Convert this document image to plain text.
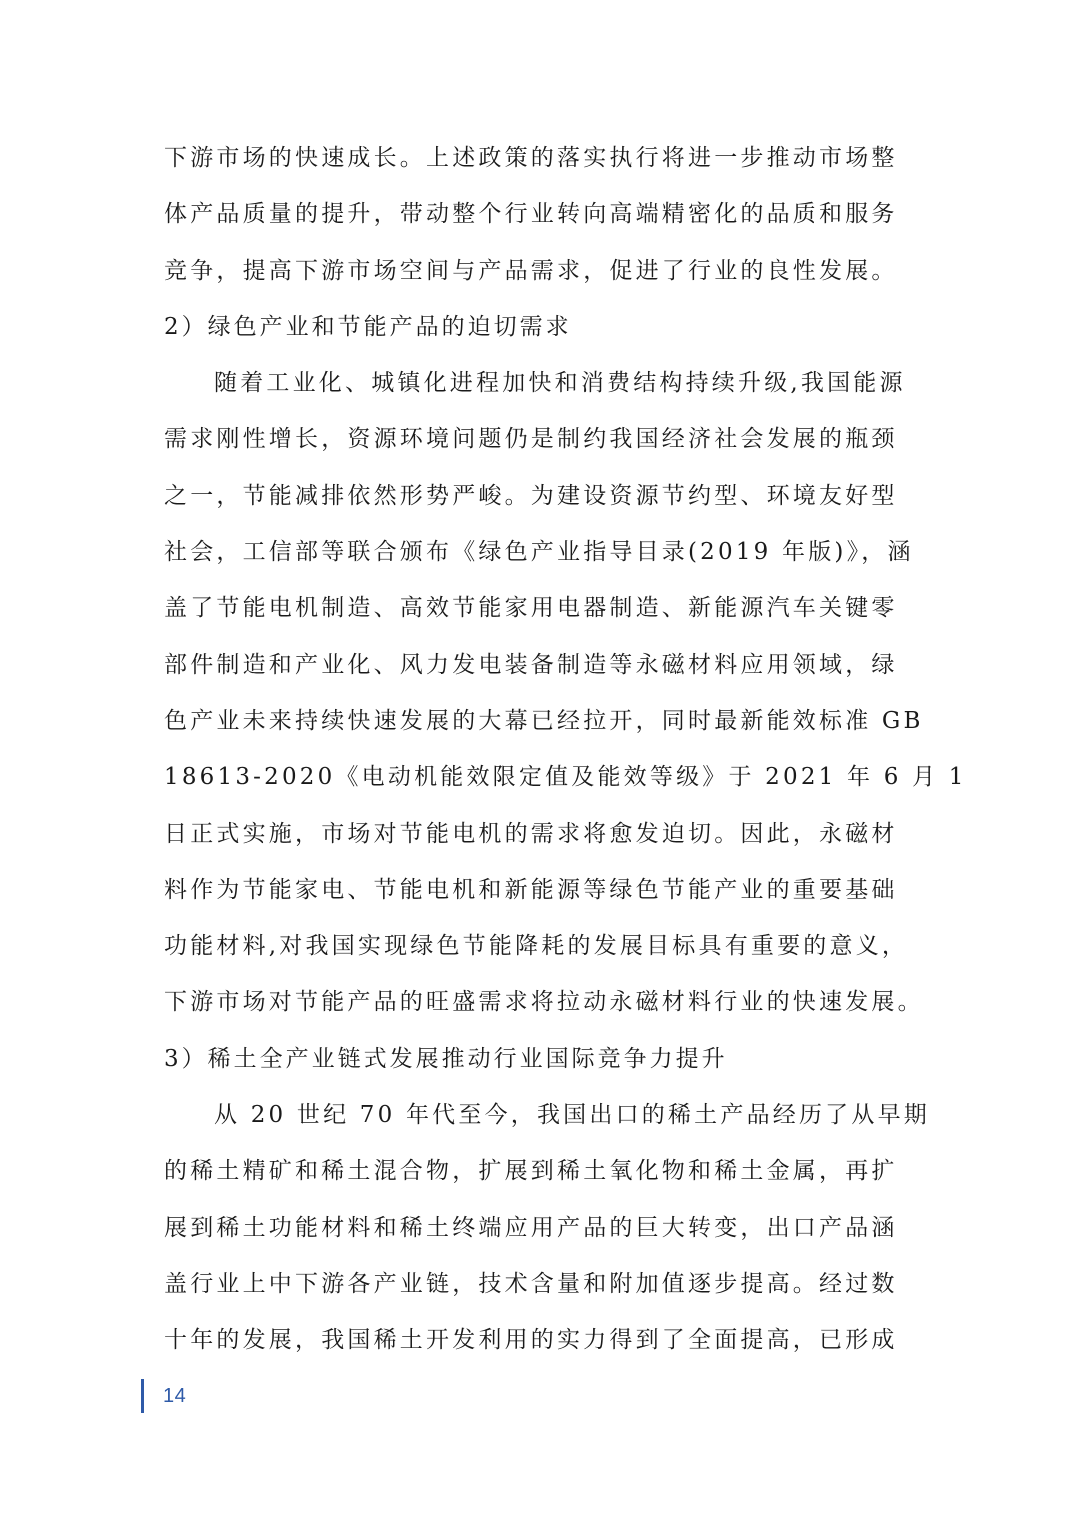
下游市场的快速成长。上述政策的落实执行将进一步推动市场整
体产品质量的提升，带动整个行业转向高端精密化的品质和服务
竞争，提高下游市场空间与产品需求，促进了行业的良性发展。
2）绿色产业和节能产品的迫切需求
随着工业化、城镇化进程加快和消费结构持续升级,我国能源
需求刚性增长，资源环境问题仍是制约我国经济社会发展的瓶颈
之一，节能减排依然形势严峻。为建设资源节约型、环境友好型
社会，工信部等联合颁布《绿色产业指导目录(2019 年版)》，涵
盖了节能电机制造、高效节能家用电器制造、新能源汽车关键零
部件制造和产业化、风力发电装备制造等永磁材料应用领域，绿
色产业未来持续快速发展的大幕已经拉开，同时最新能效标准 GB
18613-2020《电动机能效限定值及能效等级》于 2021 年 6 月 1
日正式实施，市场对节能电机的需求将愈发迫切。因此，永磁材
料作为节能家电、节能电机和新能源等绿色节能产业的重要基础
功能材料,对我国实现绿色节能降耗的发展目标具有重要的意义，
下游市场对节能产品的旺盛需求将拉动永磁材料行业的快速发展。
3）稀土全产业链式发展推动行业国际竞争力提升
从 20 世纪 70 年代至今，我国出口的稀土产品经历了从早期
的稀土精矿和稀土混合物，扩展到稀土氧化物和稀土金属，再扩
展到稀土功能材料和稀土终端应用产品的巨大转变，出口产品涵
盖行业上中下游各产业链，技术含量和附加值逐步提高。经过数
十年的发展，我国稀土开发利用的实力得到了全面提高，已形成
14
